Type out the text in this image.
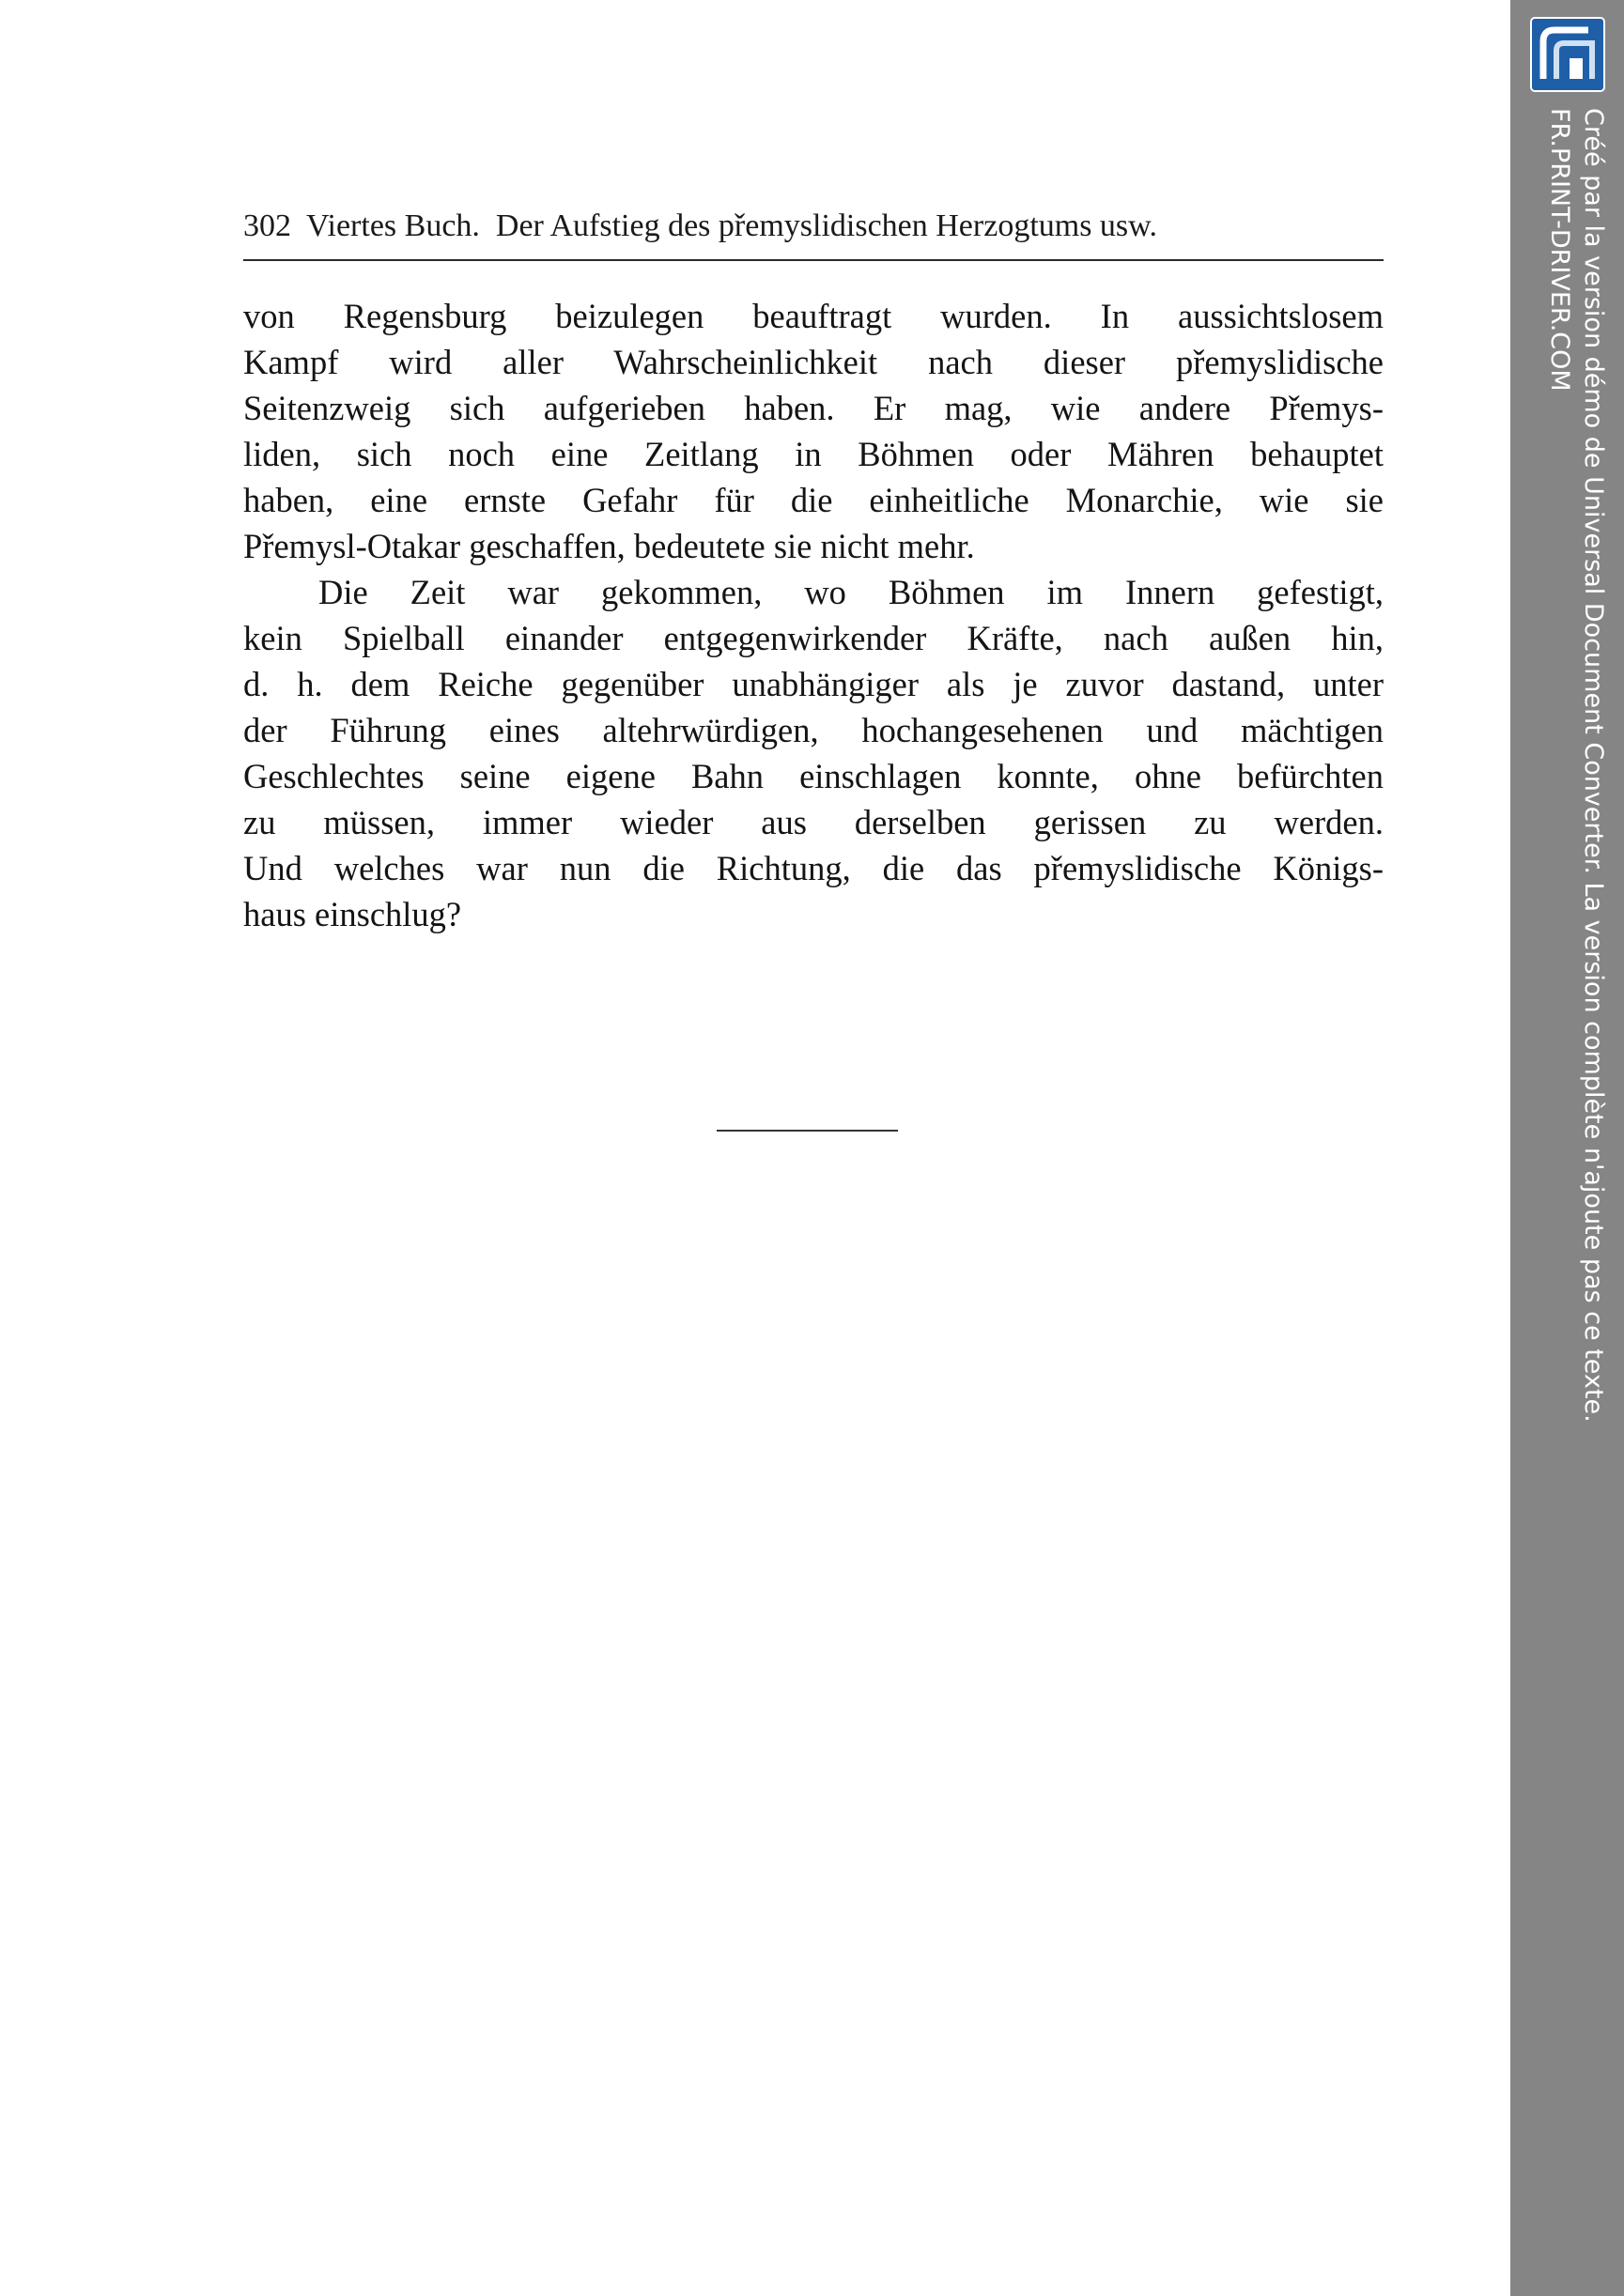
302 Viertes Buch.  Der Aufstieg des přemyslidischen Herzogtums usw.
von Regensburg beizulegen beauftragt wurden. In aussichtslosem
Kampf wird aller Wahrscheinlichkeit nach dieser přemyslidische
Seitenzweig sich aufgerieben haben. Er mag, wie andere Přemys-
liden, sich noch eine Zeitlang in Böhmen oder Mähren behauptet
haben, eine ernste Gefahr für die einheitliche Monarchie, wie sie
Přemysl-Otakar geschaffen, bedeutete sie nicht mehr.
Die Zeit war gekommen, wo Böhmen im Innern gefestigt,
kein Spielball einander entgegenwirkender Kräfte, nach außen hin,
d. h. dem Reiche gegenüber unabhängiger als je zuvor dastand, unter
der Führung eines altehrwürdigen, hochangesehenen und mächtigen
Geschlechtes seine eigene Bahn einschlagen konnte, ohne befürchten
zu müssen, immer wieder aus derselben gerissen zu werden.
Und welches war nun die Richtung, die das přemyslidische Königs-
haus einschlug?	Créé par la version démo de Universal Document Converter. La version complète n'ajoute pas ce texte.
FR.PRINT-DRIVER.COM
